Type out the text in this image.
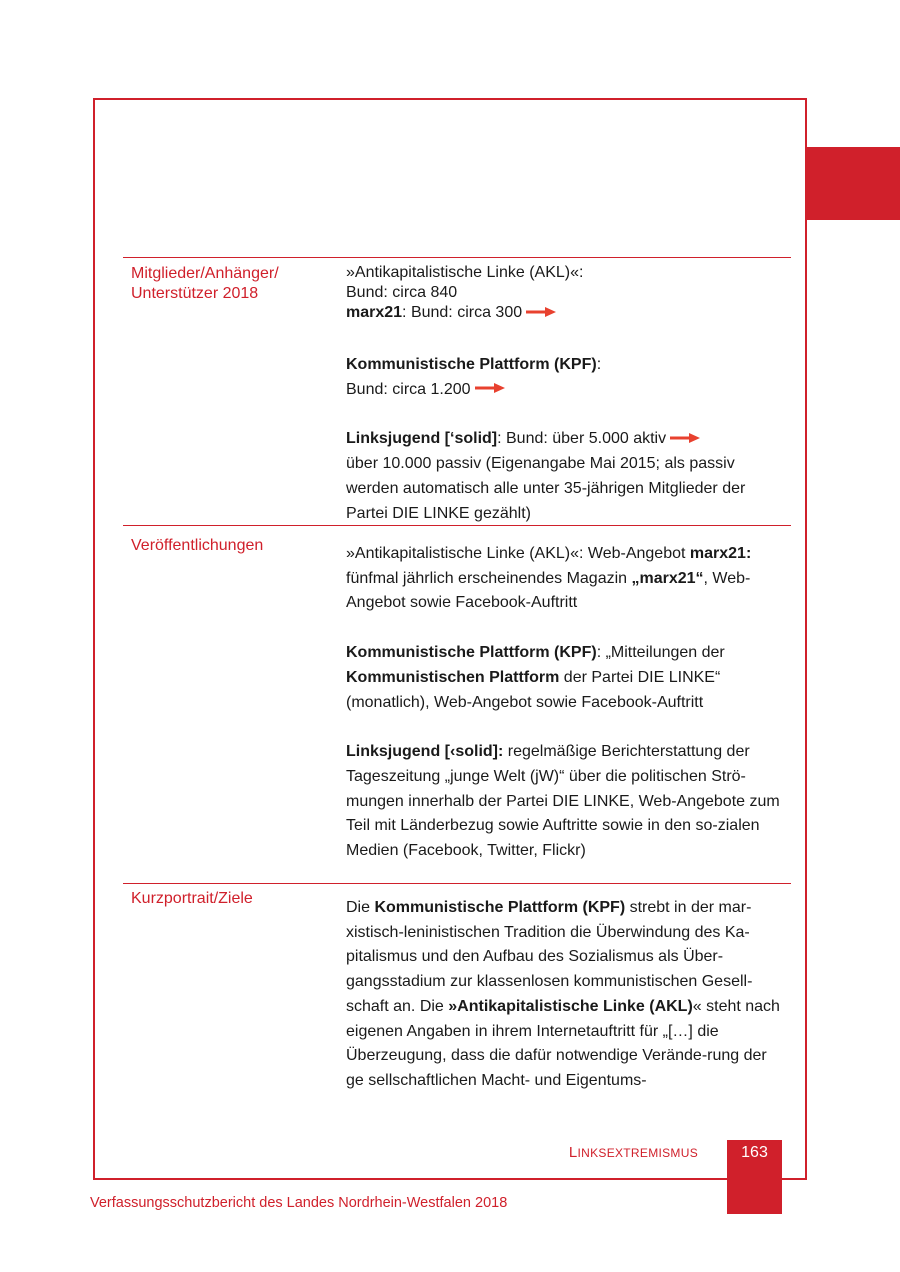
Mitglieder/Anhänger/
Unterstützer 2018

»Antikapitalistische Linke (AKL)«:

Bund: circa 840

marx21: Bund: circa 300

Kommunistische Plattform (KPF):

Bund: circa 1.200

Linksjugend [‘solid]: Bund: über 5.000 aktiv

über 10.000 passiv (Eigenangabe Mai 2015; als passiv werden automatisch alle unter 35-jährigen Mitglieder der Partei DIE LINKE gezählt)

Veröffentlichungen	»Antikapitalistische Linke (AKL)«: Web-Angebot marx21: fünfmal jährlich erscheinendes Magazin „marx21“, Web-Angebot sowie Facebook-Auftritt

Kommunistische Plattform (KPF): „Mitteilungen der Kommunistischen Plattform der Partei DIE LINKE“ (monatlich), Web-Angebot sowie Facebook-Auftritt

Linksjugend [‹solid]: regelmäßige Berichterstattung der Tageszeitung „junge Welt (jW)“ über die politischen Strö-mungen innerhalb der Partei DIE LINKE, Web-Angebote zum Teil mit Länderbezug sowie Auftritte sowie in den so-zialen Medien (Facebook, Twitter, Flickr)

Kurzportrait/Ziele

Die Kommunistische Plattform (KPF) strebt in der mar-xistisch-leninistischen Tradition die Überwindung des Ka-pitalismus und den Aufbau des Sozialismus als Über-gangsstadium zur klassenlosen kommunistischen Gesell-schaft an. Die »Antikapitalistische Linke (AKL)« steht nach eigenen Angaben in ihrem Internetauftritt für „[…] die Überzeugung, dass die dafür notwendige Verände-rung der ge sellschaftlichen Macht- und Eigentums-

LINKSEXTREMISMUS	163
Verfassungsschutzbericht des Landes Nordrhein-Westfalen 2018
